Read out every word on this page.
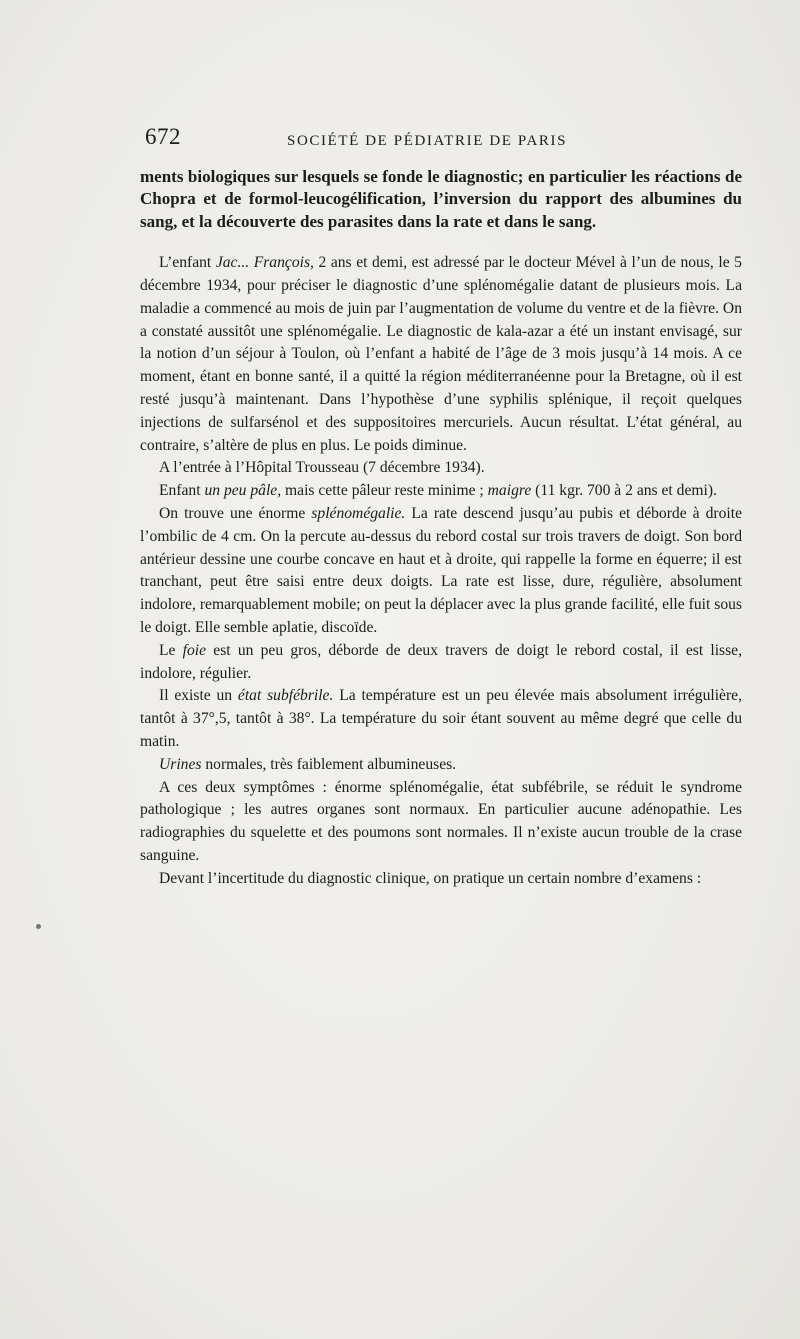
672	SOCIÉTÉ DE PÉDIATRIE DE PARIS

ments biologiques sur lesquels se fonde le diagnostic; en particulier les réactions de Chopra et de formol-leucogélification, l’inversion du rapport des albumines du sang, et la découverte des parasites dans la rate et dans le sang.

L’enfant Jac... François, 2 ans et demi, est adressé par le docteur Mével à l’un de nous, le 5 décembre 1934, pour préciser le diagnostic d’une splénomégalie datant de plusieurs mois. La maladie a commencé au mois de juin par l’augmentation de volume du ventre et de la fièvre. On a constaté aussitôt une splénomégalie. Le diagnostic de kala-azar a été un instant envisagé, sur la notion d’un séjour à Toulon, où l’enfant a habité de l’âge de 3 mois jusqu’à 14 mois. A ce moment, étant en bonne santé, il a quitté la région méditerranéenne pour la Bretagne, où il est resté jusqu’à maintenant. Dans l’hypothèse d’une syphilis splénique, il reçoit quelques injections de sulfarsénol et des suppositoires mercuriels. Aucun résultat. L’état général, au contraire, s’altère de plus en plus. Le poids diminue.

A l’entrée à l’Hôpital Trousseau (7 décembre 1934).

Enfant un peu pâle, mais cette pâleur reste minime ; maigre (11 kgr. 700 à 2 ans et demi).

On trouve une énorme splénomégalie. La rate descend jusqu’au pubis et déborde à droite l’ombilic de 4 cm. On la percute au-dessus du rebord costal sur trois travers de doigt. Son bord antérieur dessine une courbe concave en haut et à droite, qui rappelle la forme en équerre; il est tranchant, peut être saisi entre deux doigts. La rate est lisse, dure, régulière, absolument indolore, remarquablement mobile; on peut la déplacer avec la plus grande facilité, elle fuit sous le doigt. Elle semble aplatie, discoïde.

Le foie est un peu gros, déborde de deux travers de doigt le rebord costal, il est lisse, indolore, régulier.

Il existe un état subfébrile. La température est un peu élevée mais absolument irrégulière, tantôt à 37°,5, tantôt à 38°. La température du soir étant souvent au même degré que celle du matin.

Urines normales, très faiblement albumineuses.

A ces deux symptômes : énorme splénomégalie, état subfébrile, se réduit le syndrome pathologique ; les autres organes sont normaux. En particulier aucune adénopathie. Les radiographies du squelette et des poumons sont normales. Il n’existe aucun trouble de la crase sanguine.

Devant l’incertitude du diagnostic clinique, on pratique un certain nombre d’examens :
